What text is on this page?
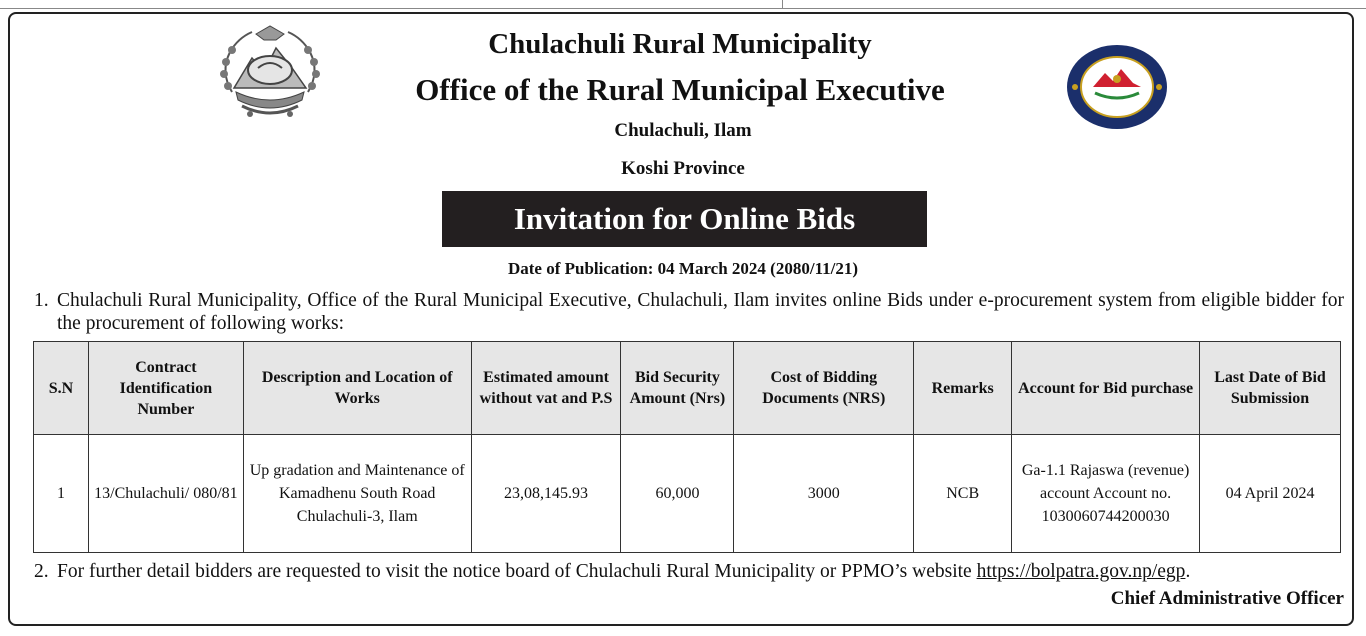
Chulachuli Rural Municipality
Office of the Rural Municipal Executive
Chulachuli, Ilam
Koshi Province
Invitation for Online Bids
Date of Publication: 04 March 2024 (2080/11/21)
1. Chulachuli Rural Municipality, Office of the Rural Municipal Executive, Chulachuli, Ilam invites online Bids under e-procurement system from eligible bidder for the procurement of following works:
S.N	Contract Identification Number	Description and Location of Works	Estimated amount without vat and P.S	Bid Security Amount (Nrs)	Cost of Bidding Documents (NRS)	Remarks	Account for Bid purchase	Last Date of Bid Submission
1	13/Chulachuli/ 080/81	Up gradation and Maintenance of Kamadhenu South Road Chulachuli-3, Ilam	23,08,145.93	60,000	3000	NCB	Ga-1.1 Rajaswa (revenue) account Account no. 1030060744200030	04 April 2024
2. For further detail bidders are requested to visit the notice board of Chulachuli Rural Municipality or PPMO’s website https://bolpatra.gov.np/egp.
Chief Administrative Officer
